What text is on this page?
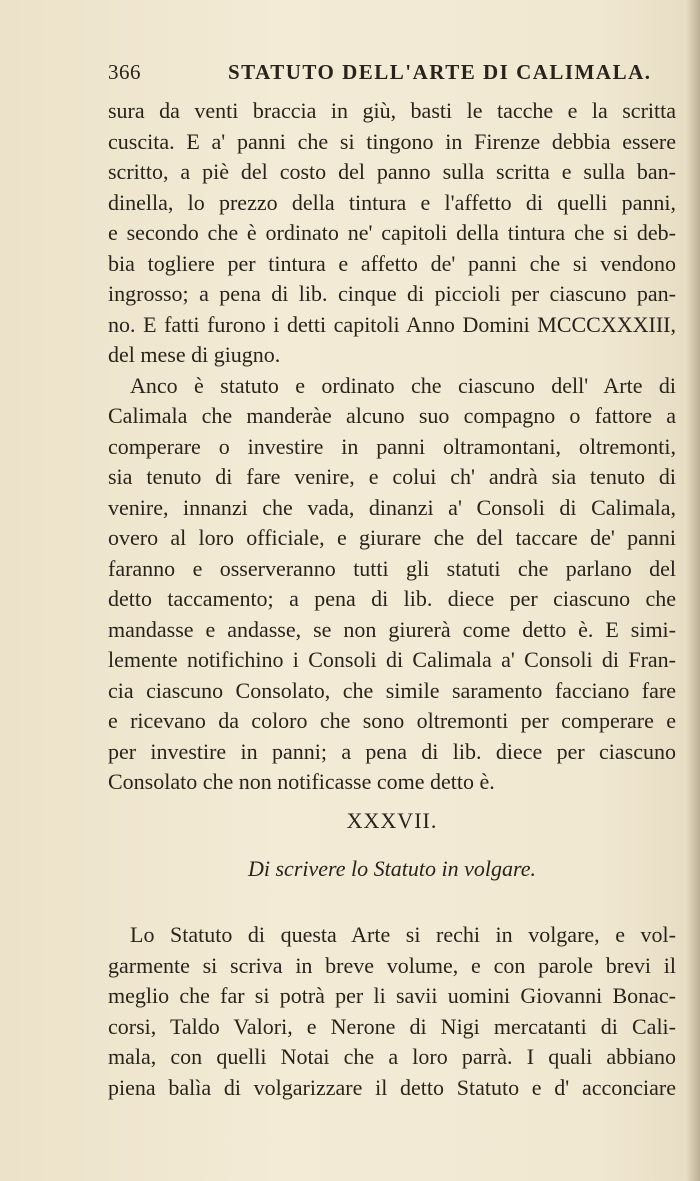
366	STATUTO DELL'ARTE DI CALIMALA.
sura da venti braccia in giù, basti le tacche e la scritta
cuscita. E a' panni che si tingono in Firenze debbia essere
scritto, a piè del costo del panno sulla scritta e sulla ban-
dinella, lo prezzo della tintura e l'affetto di quelli panni,
e secondo che è ordinato ne' capitoli della tintura che si deb-
bia togliere per tintura e affetto de' panni che si vendono
ingrosso; a pena di lib. cinque di piccioli per ciascuno pan-
no. E fatti furono i detti capitoli Anno Domini MCCCXXXIII,
del mese di giugno.
Anco è statuto e ordinato che ciascuno dell' Arte di
Calimala che manderàe alcuno suo compagno o fattore a
comperare o investire in panni oltramontani, oltremonti,
sia tenuto di fare venire, e colui ch' andrà sia tenuto di
venire, innanzi che vada, dinanzi a' Consoli di Calimala,
overo al loro officiale, e giurare che del taccare de' panni
faranno e osserveranno tutti gli statuti che parlano del
detto taccamento; a pena di lib. diece per ciascuno che
mandasse e andasse, se non giurerà come detto è. E simi-
lemente notifichino i Consoli di Calimala a' Consoli di Fran-
cia ciascuno Consolato, che simile saramento facciano fare
e ricevano da coloro che sono oltremonti per comperare e
per investire in panni; a pena di lib. diece per ciascuno
Consolato che non notificasse come detto è.
XXXVII.
Di scrivere lo Statuto in volgare.
Lo Statuto di questa Arte si rechi in volgare, e vol-
garmente si scriva in breve volume, e con parole brevi il
meglio che far si potrà per li savii uomini Giovanni Bonac-
corsi, Taldo Valori, e Nerone di Nigi mercatanti di Cali-
mala, con quelli Notai che a loro parrà. I quali abbiano
piena balìa di volgarizzare il detto Statuto e d' acconciare
